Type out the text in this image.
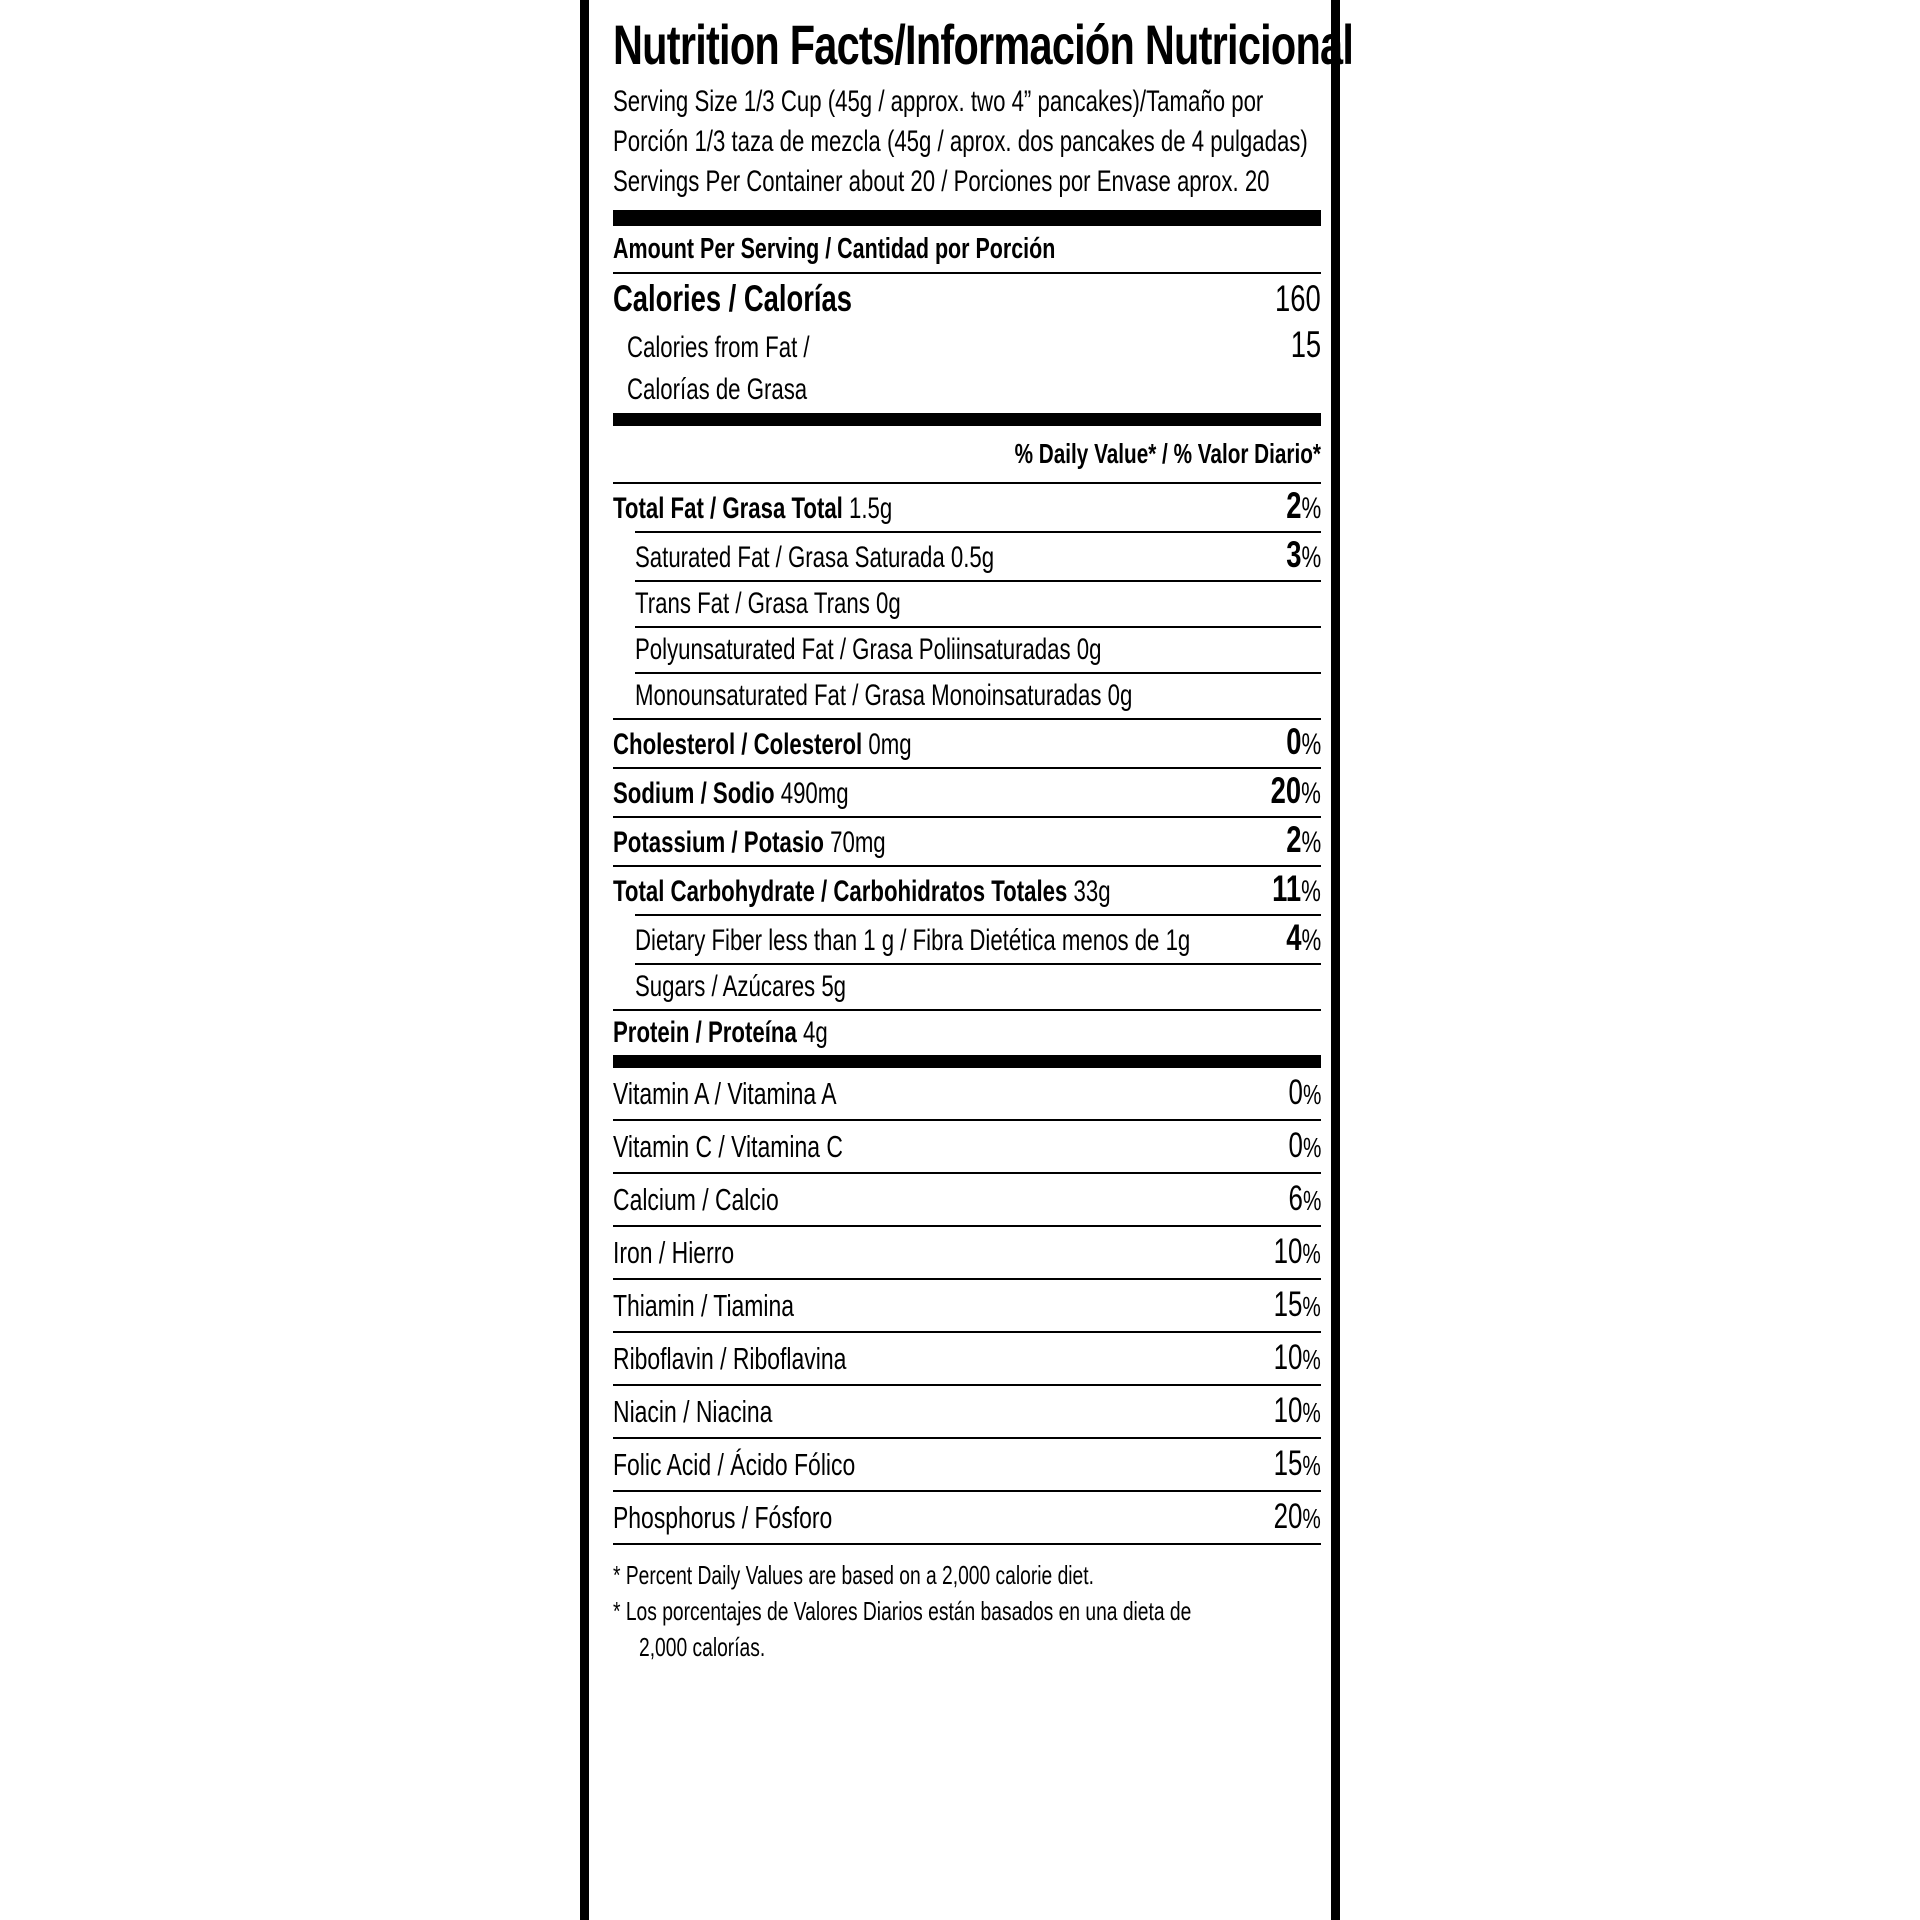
Nutrition Facts/Información Nutricional
Serving Size 1/3 Cup (45g / approx. two 4” pancakes)/Tamaño por
Porción 1/3 taza de mezcla (45g / aprox. dos pancakes de 4 pulgadas)
Servings Per Container about 20 / Porciones por Envase aprox. 20
Amount Per Serving / Cantidad por Porción
Calories / Calorías	160
Calories from Fat /	15
Calorías de Grasa
% Daily Value* / % Valor Diario*
Total Fat / Grasa Total 1.5g	2%
Saturated Fat / Grasa Saturada 0.5g	3%
Trans Fat / Grasa Trans 0g
Polyunsaturated Fat / Grasa Poliinsaturadas 0g
Monounsaturated Fat / Grasa Monoinsaturadas 0g
Cholesterol / Colesterol 0mg	0%
Sodium / Sodio 490mg	20%
Potassium / Potasio 70mg	2%
Total Carbohydrate / Carbohidratos Totales 33g	11%
Dietary Fiber less than 1 g / Fibra Dietética menos de 1g	4%
Sugars / Azúcares 5g
Protein / Proteína 4g
Vitamin A / Vitamina A	0%
Vitamin C / Vitamina C	0%
Calcium / Calcio	6%
Iron / Hierro	10%
Thiamin / Tiamina	15%
Riboflavin / Riboflavina	10%
Niacin / Niacina	10%
Folic Acid / Ácido Fólico	15%
Phosphorus / Fósforo	20%
* Percent Daily Values are based on a 2,000 calorie diet.
* Los porcentajes de Valores Diarios están basados en una dieta de
2,000 calorías.
